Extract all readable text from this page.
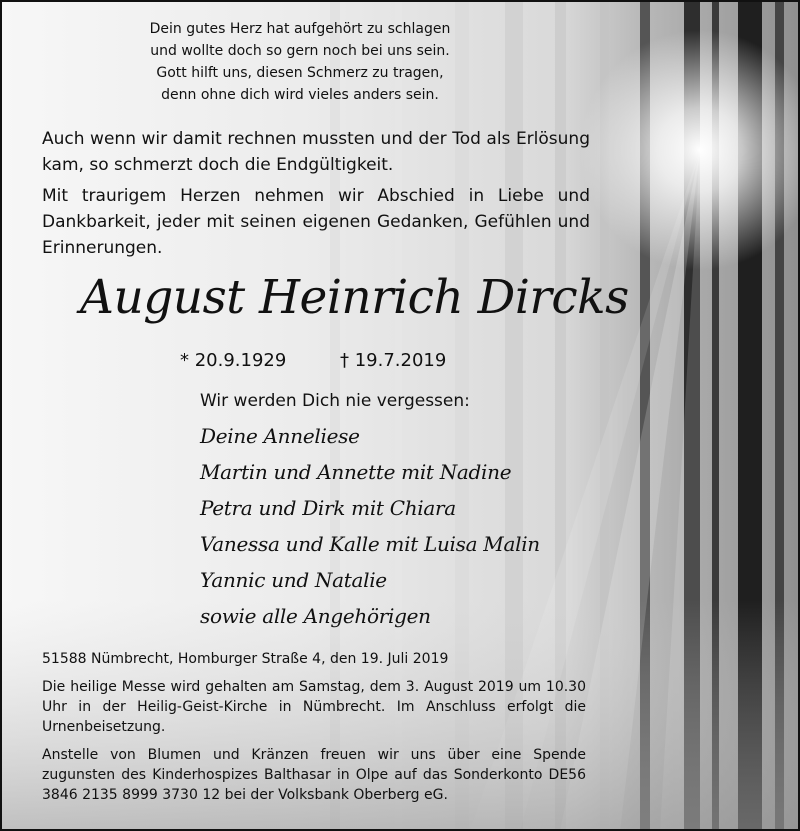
Dein gutes Herz hat aufgehört zu schlagen
und wollte doch so gern noch bei uns sein.
Gott hilft uns, diesen Schmerz zu tragen,
denn ohne dich wird vieles anders sein.
Auch wenn wir damit rechnen mussten und der Tod als Erlösung kam, so schmerzt doch die Endgültigkeit.
Mit traurigem Herzen nehmen wir Abschied in Liebe und Dankbarkeit, jeder mit seinen eigenen Gedanken, Gefühlen und Erinnerungen.
August Heinrich Dircks
* 20.9.1929	† 19.7.2019
Wir werden Dich nie vergessen:
Deine Anneliese
Martin und Annette mit Nadine
Petra und Dirk mit Chiara
Vanessa und Kalle mit Luisa Malin
Yannic und Natalie
sowie alle Angehörigen
51588 Nümbrecht, Homburger Straße 4, den 19. Juli 2019
Die heilige Messe wird gehalten am Samstag, dem 3. August 2019 um 10.30 Uhr in der Heilig-Geist-Kirche in Nümbrecht. Im Anschluss erfolgt die Urnenbeisetzung.
Anstelle von Blumen und Kränzen freuen wir uns über eine Spende zugunsten des Kinderhospizes Balthasar in Olpe auf das Sonderkonto DE56 3846 2135 8999 3730 12 bei der Volksbank Oberberg eG.
